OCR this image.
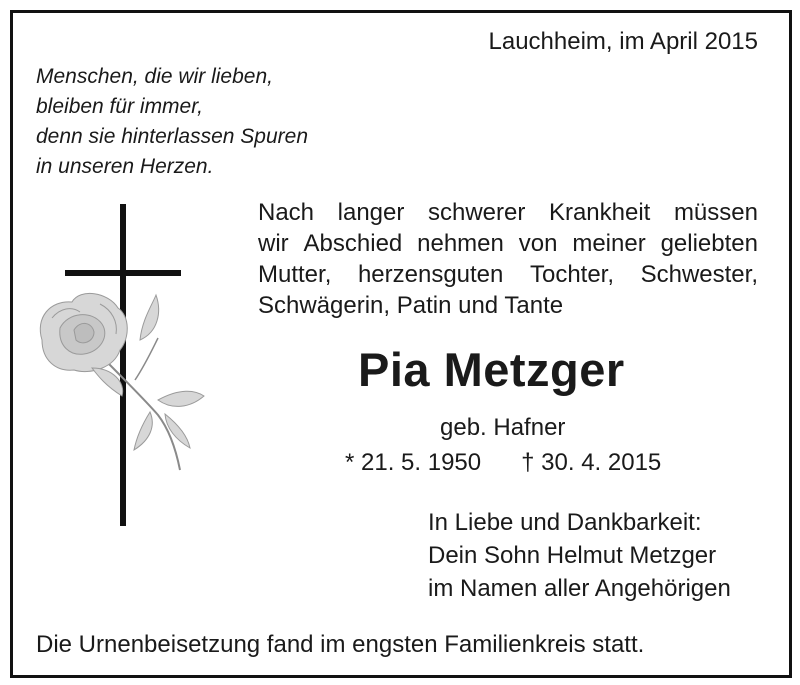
Lauchheim, im April 2015
Menschen, die wir lieben,
bleiben für immer,
denn sie hinterlassen Spuren
in unseren Herzen.
Nach langer schwerer Krankheit müssen
wir Abschied nehmen von meiner geliebten
Mutter, herzensguten Tochter, Schwester,
Schwägerin, Patin und Tante
Pia Metzger
geb. Hafner
* 21. 5. 1950 † 30. 4. 2015
In Liebe und Dankbarkeit:
Dein Sohn Helmut Metzger
im Namen aller Angehörigen
Die Urnenbeisetzung fand im engsten Familienkreis statt.
